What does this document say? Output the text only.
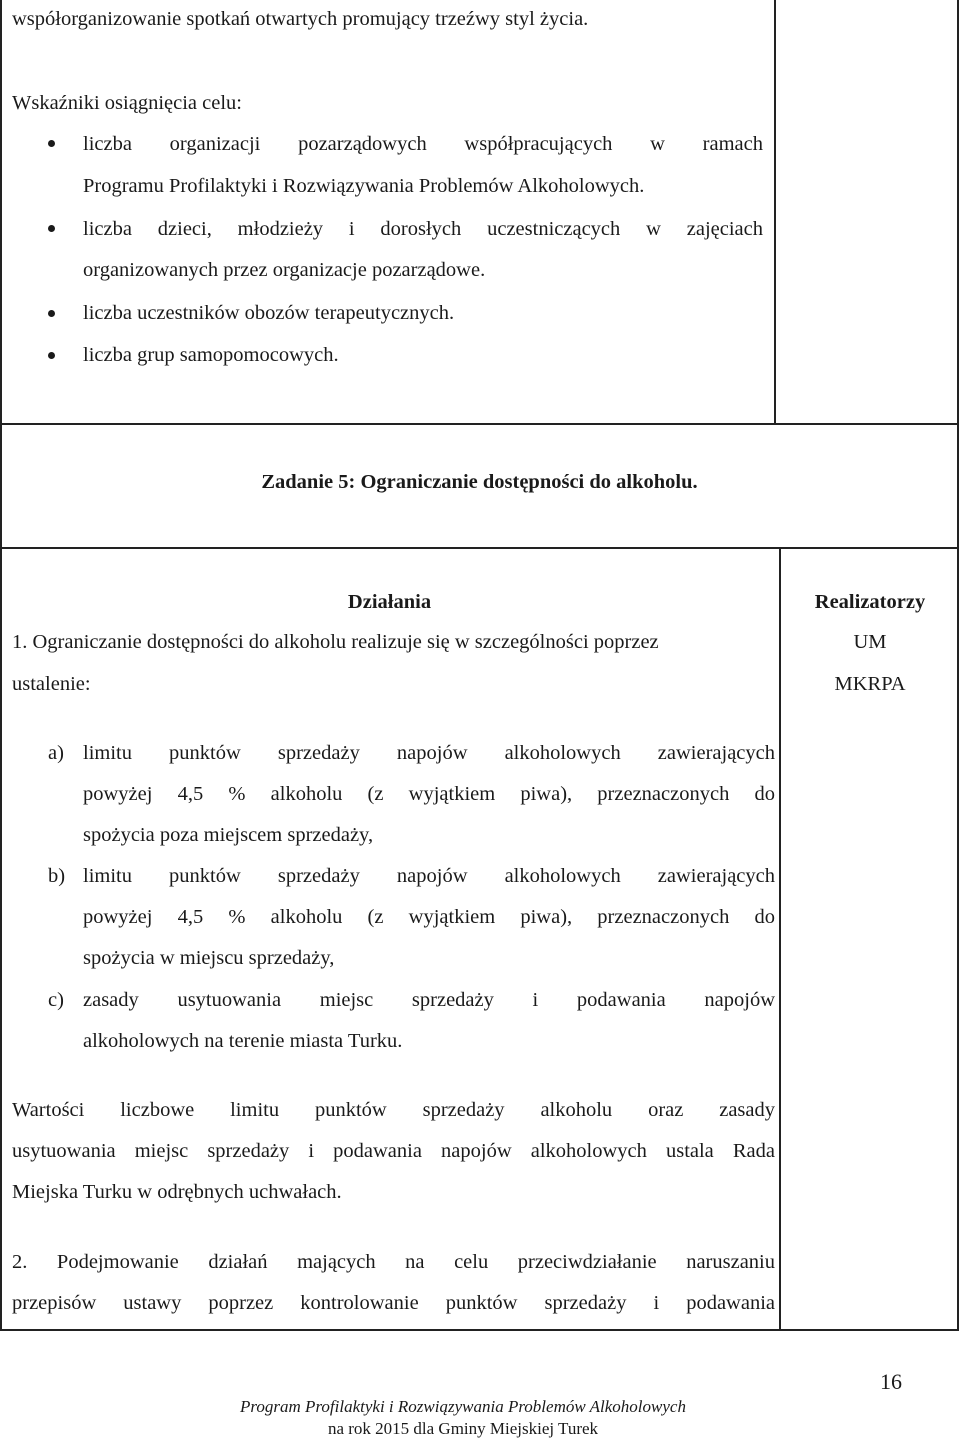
współorganizowanie spotkań otwartych promujący trzeźwy styl życia.
Wskaźniki osiągnięcia celu:
liczba organizacji pozarządowych współpracujących w ramach
Programu Profilaktyki i Rozwiązywania Problemów Alkoholowych.
liczba dzieci, młodzieży i dorosłych uczestniczących w zajęciach
organizowanych przez organizacje pozarządowe.
liczba uczestników obozów terapeutycznych.
liczba grup samopomocowych.
Zadanie 5: Ograniczanie dostępności do alkoholu.
Działania	Realizatorzy
UM
MKRPA
1. Ograniczanie dostępności do alkoholu realizuje się w szczególności poprzez
ustalenie:
a) limitu punktów sprzedaży napojów alkoholowych zawierających
powyżej 4,5 % alkoholu (z wyjątkiem piwa), przeznaczonych do
spożycia poza miejscem sprzedaży,
b) limitu punktów sprzedaży napojów alkoholowych zawierających
powyżej 4,5 % alkoholu (z wyjątkiem piwa), przeznaczonych do
spożycia w miejscu sprzedaży,
c) zasady usytuowania miejsc sprzedaży i podawania napojów
alkoholowych na terenie miasta Turku.
Wartości liczbowe limitu punktów sprzedaży alkoholu oraz zasady
usytuowania miejsc sprzedaży i podawania napojów alkoholowych ustala Rada
Miejska Turku w odrębnych uchwałach.
2. Podejmowanie działań mających na celu przeciwdziałanie naruszaniu
przepisów ustawy poprzez kontrolowanie punktów sprzedaży i podawania
16
Program Profilaktyki i Rozwiązywania Problemów Alkoholowych
na rok 2015 dla Gminy Miejskiej Turek
